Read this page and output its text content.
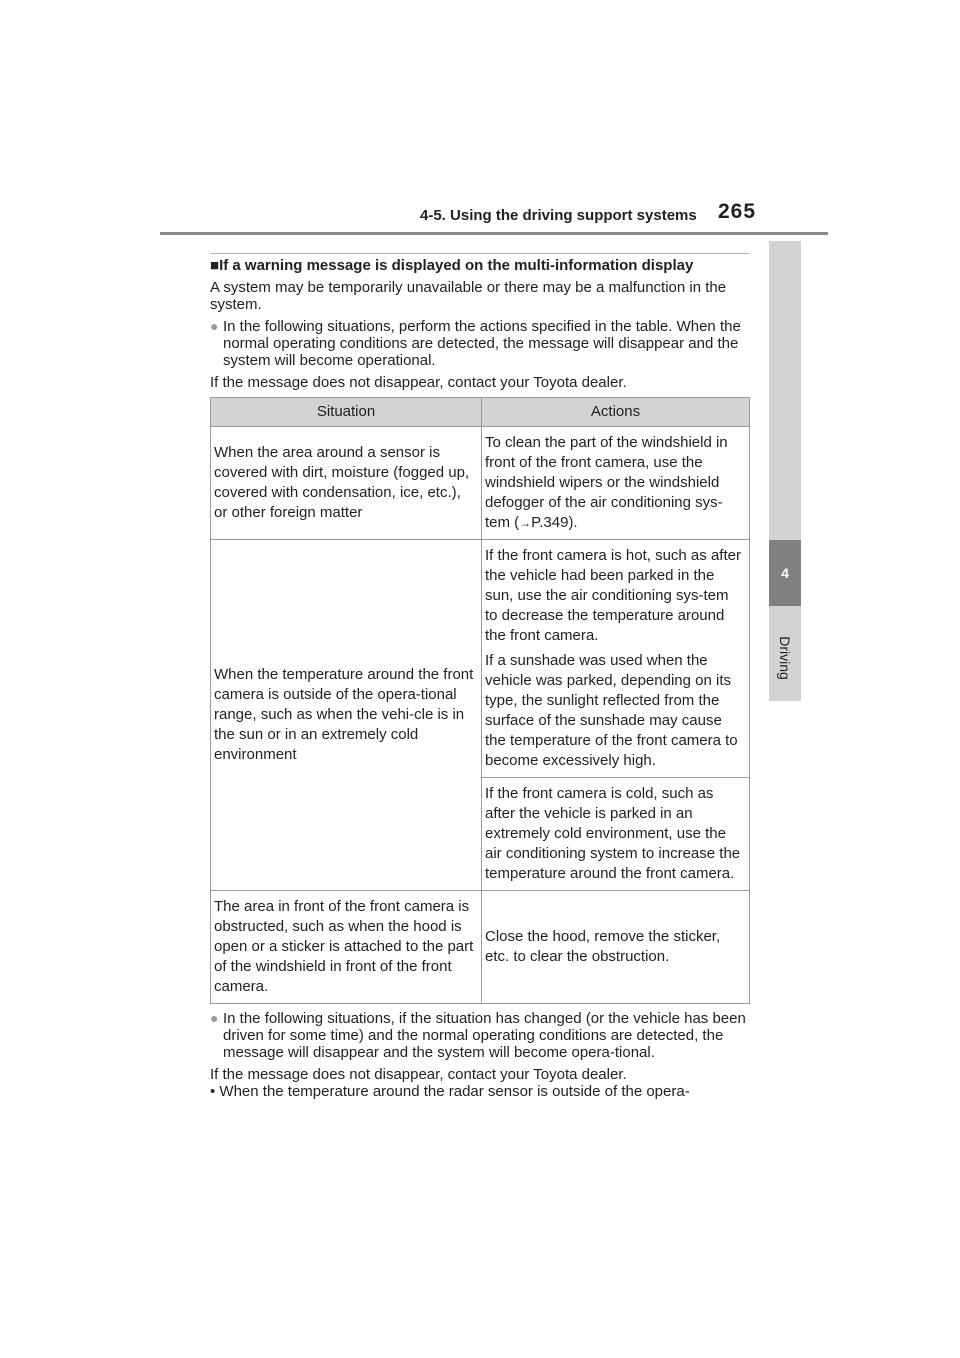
4-5. Using the driving support systems 265
4
Driving
■If a warning message is displayed on the multi-information display

A system may be temporarily unavailable or there may be a malfunction in the system.

● In the following situations, perform the actions specified in the table. When the normal operating conditions are detected, the message will disappear and the system will become operational.

If the message does not disappear, contact your Toyota dealer.

Situation	Actions
When the area around a sensor is covered with dirt, moisture (fogged up, covered with condensation, ice, etc.), or other foreign matter	To clean the part of the windshield in front of the front camera, use the windshield wipers or the windshield defogger of the air conditioning sys-tem (→P.349).
When the temperature around the front camera is outside of the opera-tional range, such as when the vehi-cle is in the sun or in an extremely cold environment	If the front camera is hot, such as after the vehicle had been parked in the sun, use the air conditioning sys-tem to decrease the temperature around the front camera.

If a sunshade was used when the vehicle was parked, depending on its type, the sunlight reflected from the surface of the sunshade may cause the temperature of the front camera to become excessively high.

	If the front camera is cold, such as after the vehicle is parked in an extremely cold environment, use the air conditioning system to increase the temperature around the front camera.
The area in front of the front camera is obstructed, such as when the hood is open or a sticker is attached to the part of the windshield in front of the front camera.	Close the hood, remove the sticker, etc. to clear the obstruction.
● In the following situations, if the situation has changed (or the vehicle has been driven for some time) and the normal operating conditions are detected, the message will disappear and the system will become opera-tional.
If the message does not disappear, contact your Toyota dealer.
• When the temperature around the radar sensor is outside of the opera-
